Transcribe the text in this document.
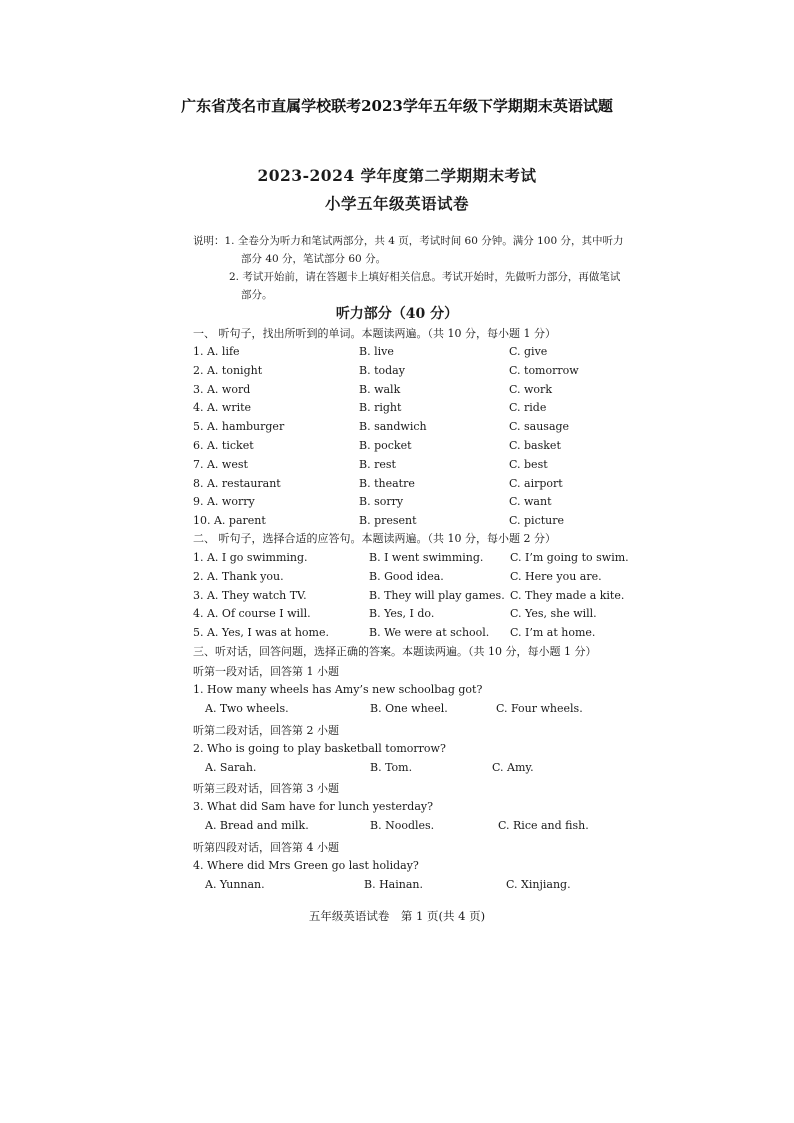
广东省茂名市直属学校联考2023学年五年级下学期期末英语试题
2023-2024 学年度第二学期期末考试
小学五年级英语试卷
说明： 1. 全卷分为听力和笔试两部分，共 4 页，考试时间 60 分钟。满分 100 分，其中听力
部分 40 分，笔试部分 60 分。
2. 考试开始前，请在答题卡上填好相关信息。考试开始时，先做听力部分，再做笔试
部分。
听力部分（40 分）
一、 听句子，找出所听到的单词。本题读两遍。（共 10 分，每小题 1 分）
1. A. life	B. live	C. give
2. A. tonight	B. today	C. tomorrow
3. A. word	B. walk	C. work
4. A. write	B. right	C. ride
5. A. hamburger	B. sandwich	C. sausage
6. A. ticket	B. pocket	C. basket
7. A. west	B. rest	C. best
8. A. restaurant	B. theatre	C. airport
9. A. worry	B. sorry	C. want
10. A. parent	B. present	C. picture
二、 听句子，选择合适的应答句。本题读两遍。（共 10 分，每小题 2 分）
1. A. I go swimming.	B. I went swimming. C. I’m going to swim.
2. A. Thank you.	B. Good idea.	C. Here you are.
3. A. They watch TV.	B. They will play games. C. They made a kite.
4. A. Of course I will.	B. Yes, I do.	C. Yes, she will.
5. A. Yes, I was at home.	B. We were at school. C. I’m at home.
三、听对话，回答问题，选择正确的答案。本题读两遍。（共 10 分，每小题 1 分）
听第一段对话，回答第 1 小题
1. How many wheels has Amy’s new schoolbag got?
A. Two wheels.	B. One wheel.	C. Four wheels.
听第二段对话，回答第 2 小题
2. Who is going to play basketball tomorrow?
A. Sarah.	B. Tom.	C. Amy.
听第三段对话，回答第 3 小题
3. What did Sam have for lunch yesterday?
A. Bread and milk.	B. Noodles.	C. Rice and fish.
听第四段对话，回答第 4 小题
4. Where did Mrs Green go last holiday?
A. Yunnan.	B. Hainan.	C. Xinjiang.
五年级英语试卷　第 1 页(共 4 页)
